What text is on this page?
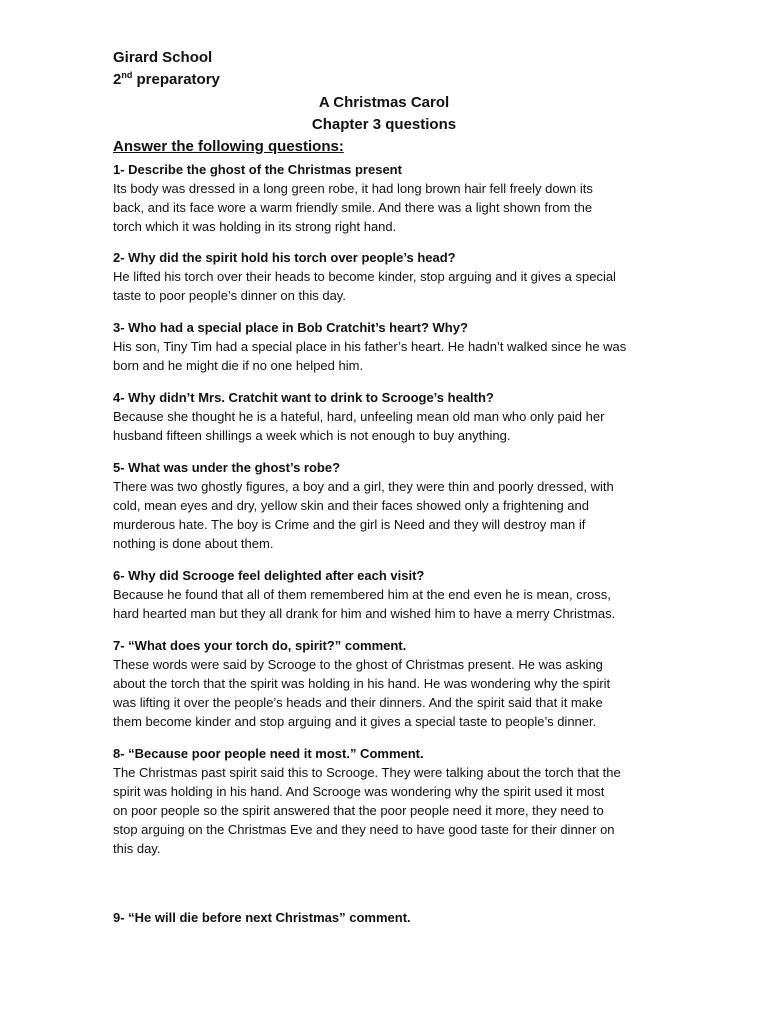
Girard School

2nd preparatory

A Christmas Carol

Chapter 3 questions

Answer the following questions:

1- Describe the ghost of the Christmas present

Its body was dressed in a long green robe, it had long brown hair fell freely down its
back, and its face wore a warm friendly smile. And there was a light shown from the
torch which it was holding in its strong right hand.

2- Why did the spirit hold his torch over people’s head?

He lifted his torch over their heads to become kinder, stop arguing and it gives a special
taste to poor people’s dinner on this day.

3- Who had a special place in Bob Cratchit’s heart? Why?

His son, Tiny Tim had a special place in his father’s heart. He hadn’t walked since he was
born and he might die if no one helped him.

4- Why didn’t Mrs. Cratchit want to drink to Scrooge’s health?

Because she thought he is a hateful, hard, unfeeling mean old man who only paid her
husband fifteen shillings a week which is not enough to buy anything.

5- What was under the ghost’s robe?

There was two ghostly figures, a boy and a girl, they were thin and poorly dressed, with
cold, mean eyes and dry, yellow skin and their faces showed only a frightening and
murderous hate. The boy is Crime and the girl is Need and they will destroy man if
nothing is done about them.

6- Why did Scrooge feel delighted after each visit?

Because he found that all of them remembered him at the end even he is mean, cross,
hard hearted man but they all drank for him and wished him to have a merry Christmas.

7- “What does your torch do, spirit?” comment.

These words were said by Scrooge to the ghost of Christmas present. He was asking
about the torch that the spirit was holding in his hand. He was wondering why the spirit
was lifting it over the people’s heads and their dinners. And the spirit said that it make
them become kinder and stop arguing and it gives a special taste to people’s dinner.

8- “Because poor people need it most.” Comment.

The Christmas past spirit said this to Scrooge. They were talking about the torch that the
spirit was holding in his hand. And Scrooge was wondering why the spirit used it most
on poor people so the spirit answered that the poor people need it more, they need to
stop arguing on the Christmas Eve and they need to have good taste for their dinner on
this day.

9- “He will die before next Christmas” comment.
